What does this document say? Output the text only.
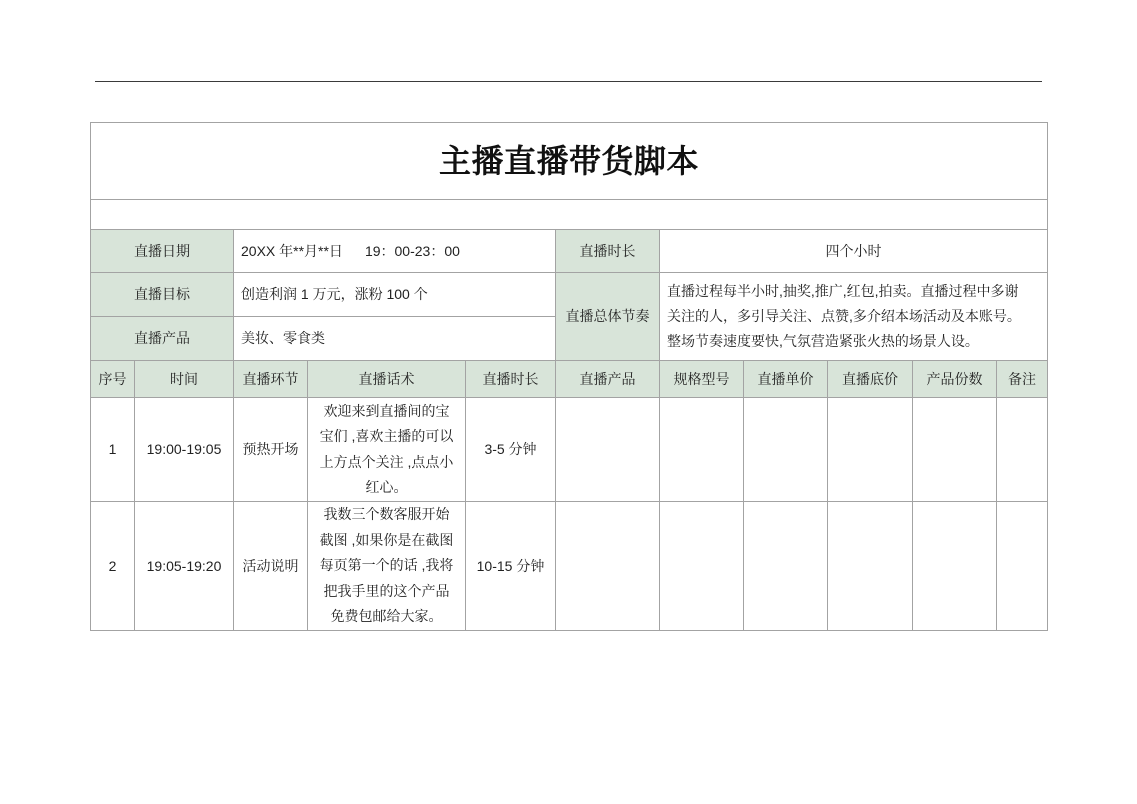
主播直播带货脚本										

直播日期		20XX 年**月**日 19：00-23：00			直播时长	四个小时				
直播目标		创造利润 1 万元，涨粉 100 个			直播总体节奏	直播过程每半小时,抽奖,推广,红包,拍卖。直播过程中多谢
关注的人，多引导关注、点赞,多介绍本场活动及本账号。
整场节奏速度要快,气氛营造紧张火热的场景人设。				
直播产品		美妆、零食类								
序号	时间	直播环节	直播话术	直播时长	直播产品	规格型号	直播单价	直播底价	产品份数	备注
1	19:00-19:05	预热开场	欢迎来到直播间的宝
宝们 ,喜欢主播的可以
上方点个关注 ,点点小
红心。	3-5 分钟						
2	19:05-19:20	活动说明	我数三个数客服开始
截图 ,如果你是在截图
每页第一个的话 ,我将
把我手里的这个产品
免费包邮给大家。	10-15 分钟						
